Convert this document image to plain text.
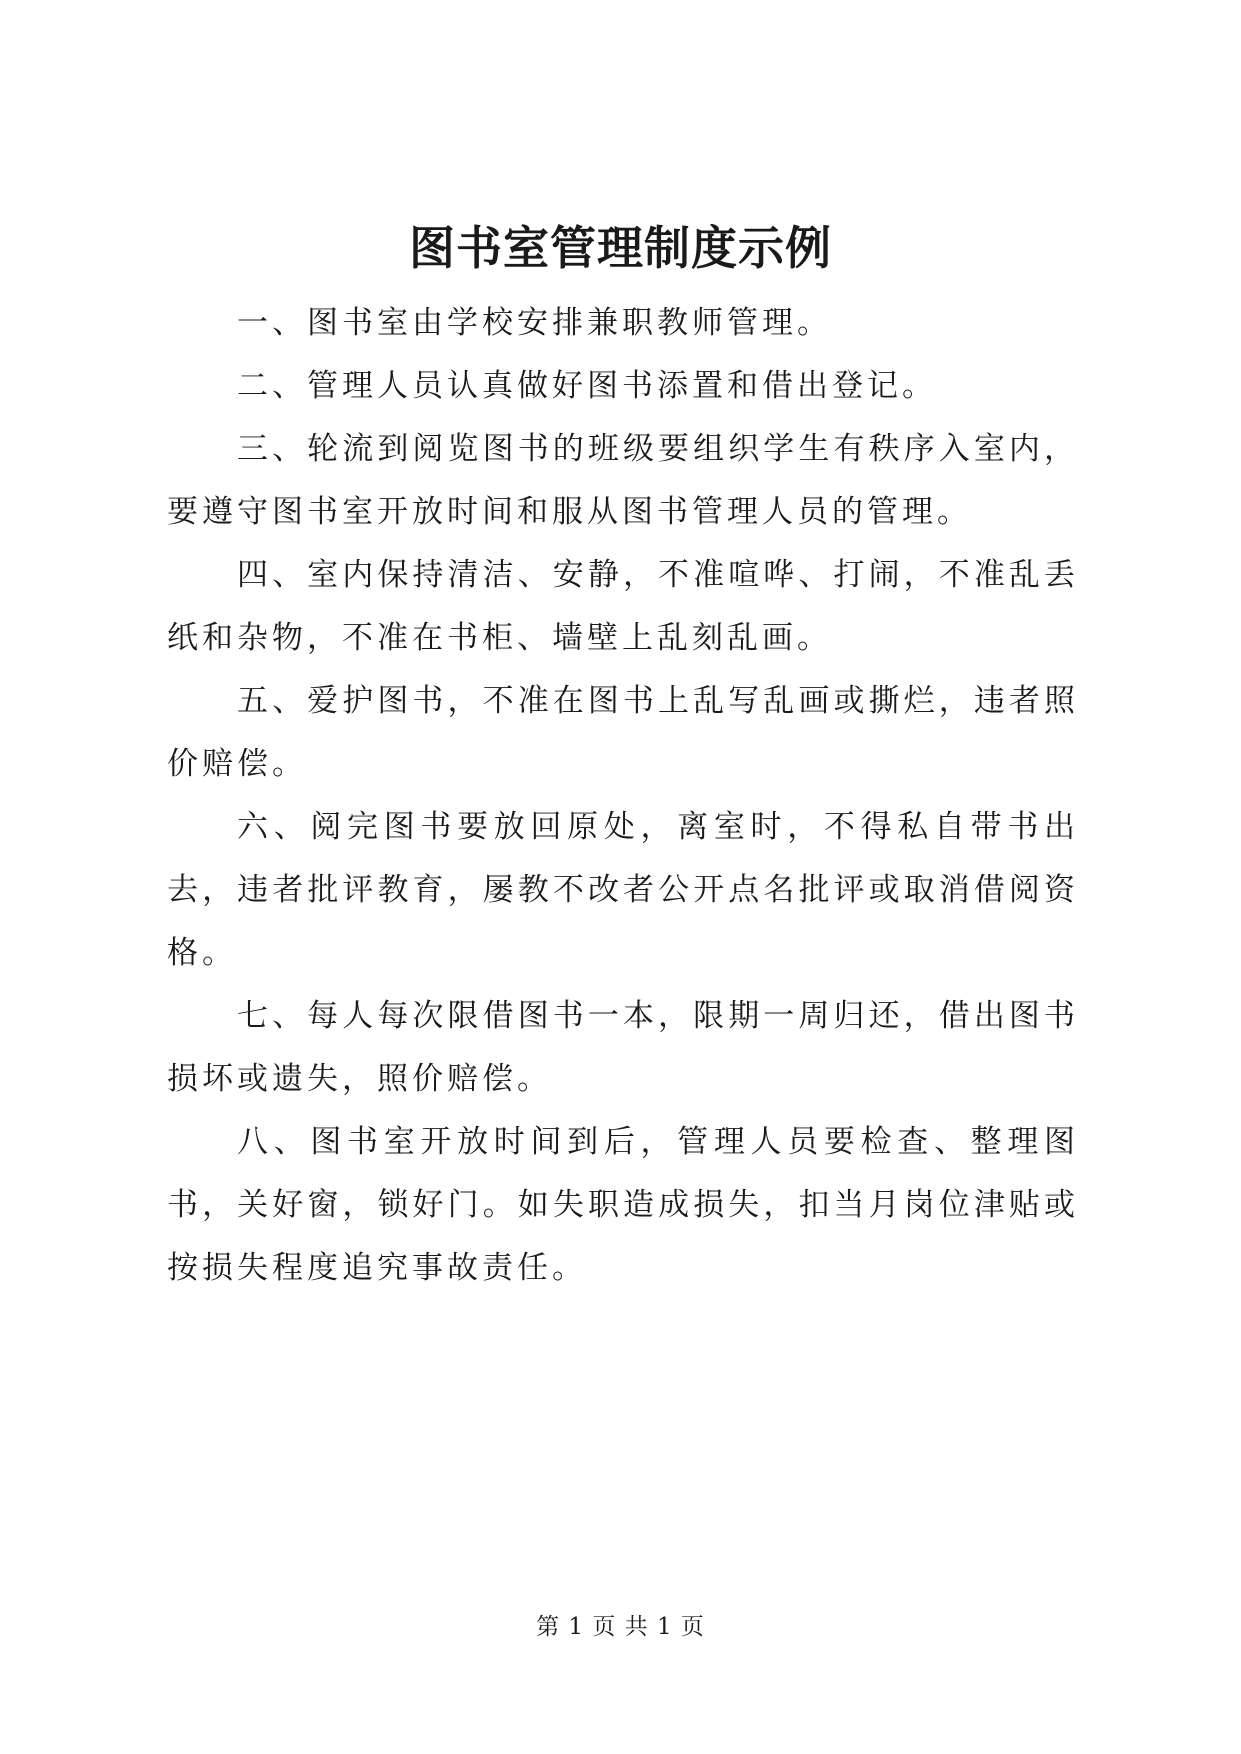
图书室管理制度示例

一、图书室由学校安排兼职教师管理。

二、管理人员认真做好图书添置和借出登记。

三、轮流到阅览图书的班级要组织学生有秩序入室内，要遵守图书室开放时间和服从图书管理人员的管理。

四、室内保持清洁、安静，不准喧哗、打闹，不准乱丢纸和杂物，不准在书柜、墙壁上乱刻乱画。

五、爱护图书，不准在图书上乱写乱画或撕烂，违者照价赔偿。

六、阅完图书要放回原处，离室时，不得私自带书出去，违者批评教育，屡教不改者公开点名批评或取消借阅资格。

七、每人每次限借图书一本，限期一周归还，借出图书损坏或遗失，照价赔偿。

八、图书室开放时间到后，管理人员要检查、整理图书，关好窗，锁好门。如失职造成损失，扣当月岗位津贴或按损失程度追究事故责任。

第 1 页 共 1 页
